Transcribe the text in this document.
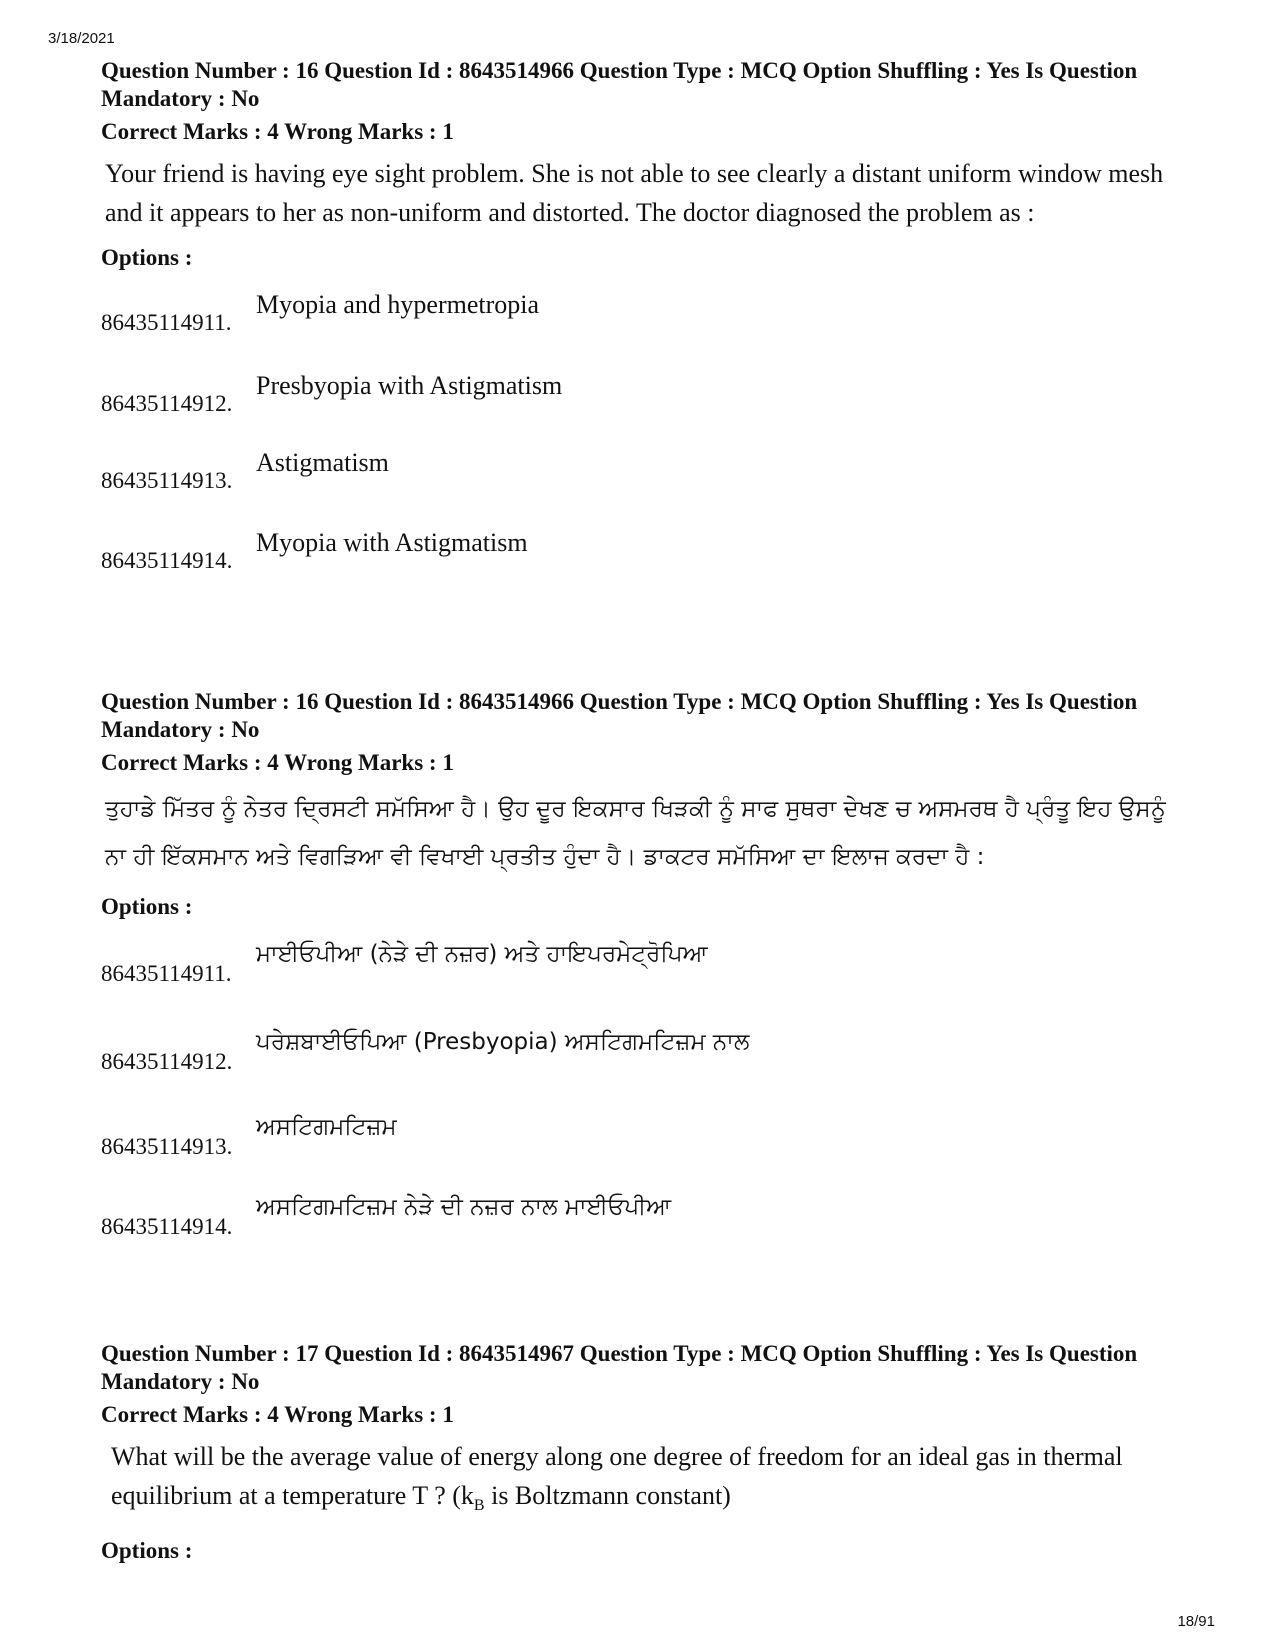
3/18/2021

Question Number : 16 Question Id : 8643514966 Question Type : MCQ Option Shuffling : Yes Is Question Mandatory : No

Correct Marks : 4 Wrong Marks : 1

Your friend is having eye sight problem. She is not able to see clearly a distant uniform window mesh and it appears to her as non-uniform and distorted. The doctor diagnosed the problem as :

Options :

86435114911.
Myopia and hypermetropia
86435114912.
Presbyopia with Astigmatism
86435114913.
Astigmatism
86435114914.
Myopia with Astigmatism

Question Number : 16 Question Id : 8643514966 Question Type : MCQ Option Shuffling : Yes Is Question Mandatory : No

Correct Marks : 4 Wrong Marks : 1

ਤੁਹਾਡੇ ਮਿੱਤਰ ਨੂੰ ਨੇਤਰ ਦ੍ਰਿਸਟੀ ਸਮੱਸਿਆ ਹੈ। ਉਹ ਦੂਰ ਇਕਸਾਰ ਖਿੜਕੀ ਨੂੰ ਸਾਫ ਸੁਥਰਾ ਦੇਖਣ ਚ ਅਸਮਰਥ ਹੈ ਪ੍ਰੰਤੂ ਇਹ ਉਸਨੂੰ ਨਾ ਹੀ ਇੱਕਸਮਾਨ ਅਤੇ ਵਿਗੜਿਆ ਵੀ ਵਿਖਾਈ ਪ੍ਰਤੀਤ ਹੁੰਦਾ ਹੈ। ਡਾਕਟਰ ਸਮੱਸਿਆ ਦਾ ਇਲਾਜ ਕਰਦਾ ਹੈ :

Options :

86435114911.
ਮਾਈਓਪੀਆ (ਨੇੜੇ ਦੀ ਨਜ਼ਰ) ਅਤੇ ਹਾਇਪਰਮੇਟ੍ਰੋਪਿਆ
86435114912.
ਪਰੇਸ਼ਬਾਈਓਪਿਆ (Presbyopia) ਅਸਟਿਗਮਟਿਜ਼ਮ ਨਾਲ
86435114913.
ਅਸਟਿਗਮਟਿਜ਼ਮ
86435114914.
ਅਸਟਿਗਮਟਿਜ਼ਮ ਨੇੜੇ ਦੀ ਨਜ਼ਰ ਨਾਲ ਮਾਈਓਪੀਆ

Question Number : 17 Question Id : 8643514967 Question Type : MCQ Option Shuffling : Yes Is Question Mandatory : No

Correct Marks : 4 Wrong Marks : 1

What will be the average value of energy along one degree of freedom for an ideal gas in thermal equilibrium at a temperature T ? ($k_B$ is Boltzmann constant)

Options :

18/91
